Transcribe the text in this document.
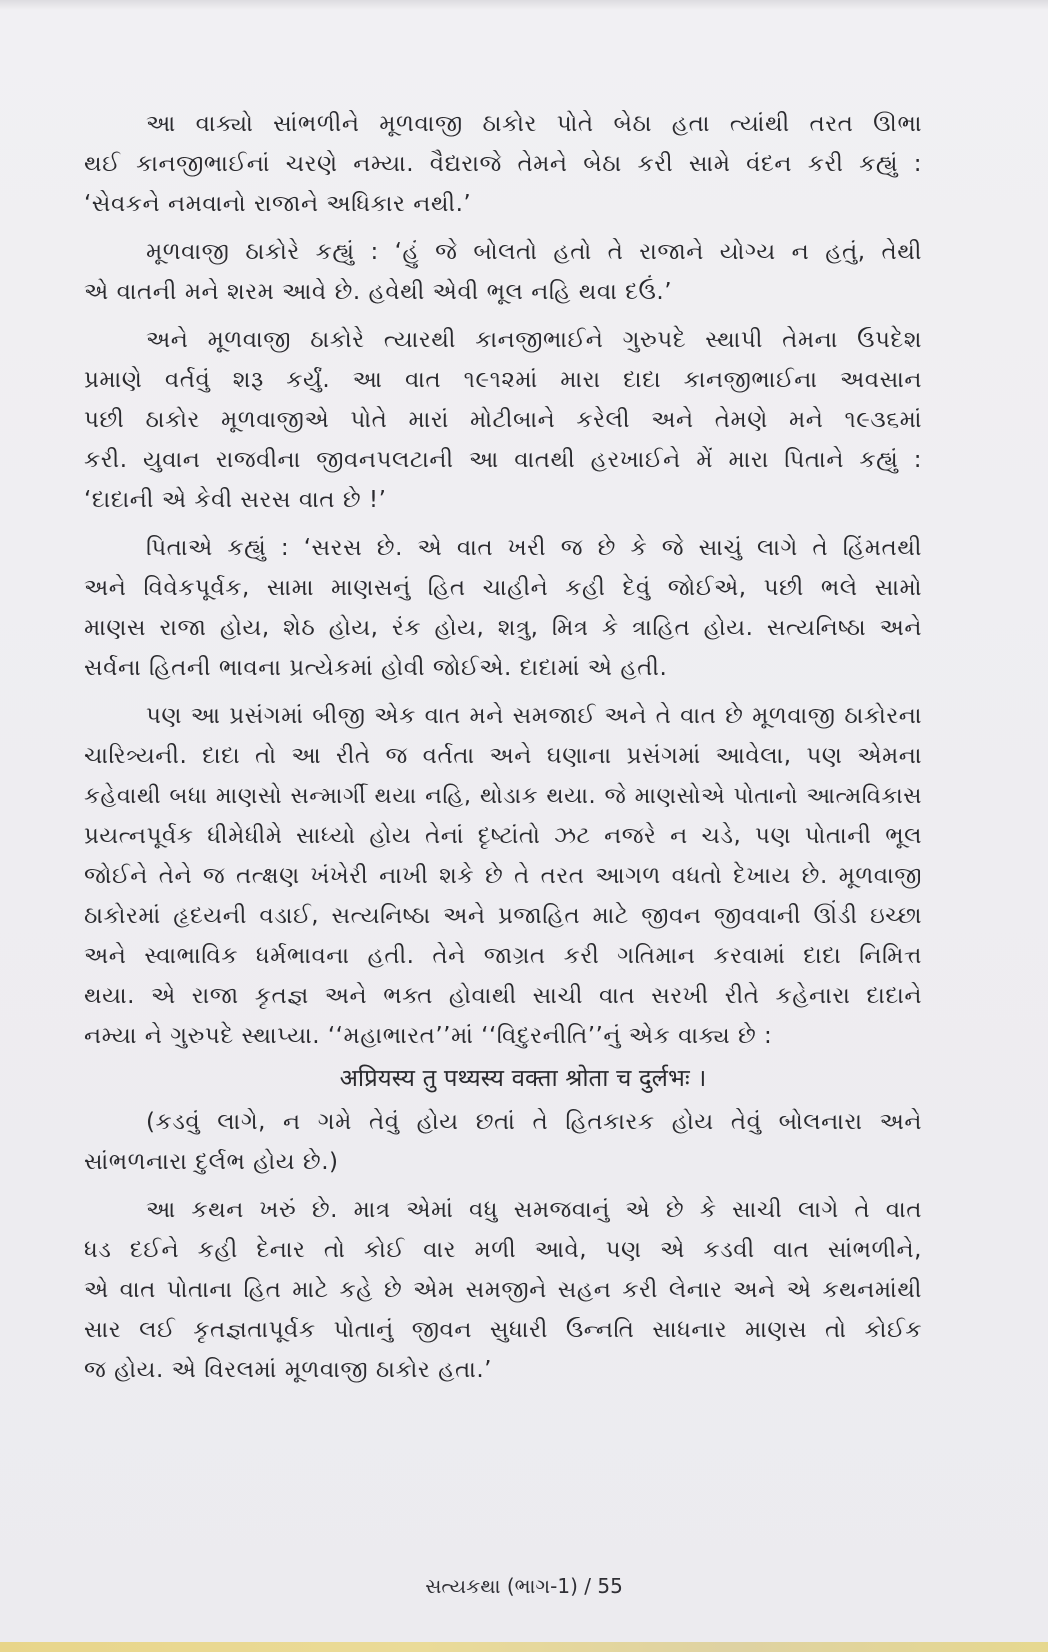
આ વાક્યો સાંભળીને મૂળવાજી ઠાકોર પોતે બેઠા હતા ત્યાંથી તરત ઊભા
થઈ કાનજીભાઈનાં ચરણે નમ્યા. વૈદ્યરાજે તેમને બેઠા કરી સામે વંદન કરી કહ્યું :
‘સેવકને નમવાનો રાજાને અધિકાર નથી.’
મૂળવાજી ઠાકોરે કહ્યું : ‘હું જે બોલતો હતો તે રાજાને યોગ્ય ન હતું, તેથી
એ વાતની મને શરમ આવે છે. હવેથી એવી ભૂલ નહિ થવા દઉં.’
અને મૂળવાજી ઠાકોરે ત્યારથી કાનજીભાઈને ગુરુપદે સ્થાપી તેમના ઉપદેશ
પ્રમાણે વર્તવું શરૂ કર્યું. આ વાત ૧૯૧૨માં મારા દાદા કાનજીભાઈના અવસાન
પછી ઠાકોર મૂળવાજીએ પોતે મારાં મોટીબાને કરેલી અને તેમણે મને ૧૯૩૬માં
કરી. યુવાન રાજવીના જીવનપલટાની આ વાતથી હરખાઈને મેં મારા પિતાને કહ્યું :
‘દાદાની એ કેવી સરસ વાત છે !’
પિતાએ કહ્યું : ‘સરસ છે. એ વાત ખરી જ છે કે જે સાચું લાગે તે હિંમતથી
અને વિવેકપૂર્વક, સામા માણસનું હિત ચાહીને કહી દેવું જોઈએ, પછી ભલે સામો
માણસ રાજા હોય, શેઠ હોય, રંક હોય, શત્રુ, મિત્ર કે ત્રાહિત હોય. સત્યનિષ્ઠા અને
સર્વના હિતની ભાવના પ્રત્યેકમાં હોવી જોઈએ. દાદામાં એ હતી.
પણ આ પ્રસંગમાં બીજી એક વાત મને સમજાઈ અને તે વાત છે મૂળવાજી ઠાકોરના
ચારિત્ર્યની. દાદા તો આ રીતે જ વર્તતા અને ઘણાના પ્રસંગમાં આવેલા, પણ એમના
કહેવાથી બધા માણસો સન્માર્ગી થયા નહિ, થોડાક થયા. જે માણસોએ પોતાનો આત્મવિકાસ
પ્રયત્નપૂર્વક ધીમેધીમે સાધ્યો હોય તેનાં દૃષ્ટાંતો ઝટ નજરે ન ચડે, પણ પોતાની ભૂલ
જોઈને તેને જ તત્ક્ષણ ખંખેરી નાખી શકે છે તે તરત આગળ વધતો દેખાય છે. મૂળવાજી
ઠાકોરમાં હૃદયની વડાઈ, સત્યનિષ્ઠા અને પ્રજાહિત માટે જીવન જીવવાની ઊંડી ઇચ્છા
અને સ્વાભાવિક ધર્મભાવના હતી. તેને જાગ્રત કરી ગતિમાન કરવામાં દાદા નિમિત્ત
થયા. એ રાજા કૃતજ્ઞ અને ભક્ત હોવાથી સાચી વાત સરખી રીતે કહેનારા દાદાને
નમ્યા ને ગુરુપદે સ્થાપ્યા. ‘‘મહાભારત’’માં ‘‘વિદુરનીતિ’’નું એક વાક્ય છે :
अप्रियस्य तु पथ्यस्य वक्ता श्रोता च दुर्लभः ।
(કડવું લાગે, ન ગમે તેવું હોય છતાં તે હિતકારક હોય તેવું બોલનારા અને
સાંભળનારા દુર્લભ હોય છે.)
આ કથન ખરું છે. માત્ર એમાં વધુ સમજવાનું એ છે કે સાચી લાગે તે વાત
ધડ દઈને કહી દેનાર તો કોઈ વાર મળી આવે, પણ એ કડવી વાત સાંભળીને,
એ વાત પોતાના હિત માટે કહે છે એમ સમજીને સહન કરી લેનાર અને એ કથનમાંથી
સાર લઈ કૃતજ્ઞતાપૂર્વક પોતાનું જીવન સુધારી ઉન્નતિ સાધનાર માણસ તો કોઈક
જ હોય. એ વિરલમાં મૂળવાજી ઠાકોર હતા.’
સત્યકથા (ભાગ-1) / 55
